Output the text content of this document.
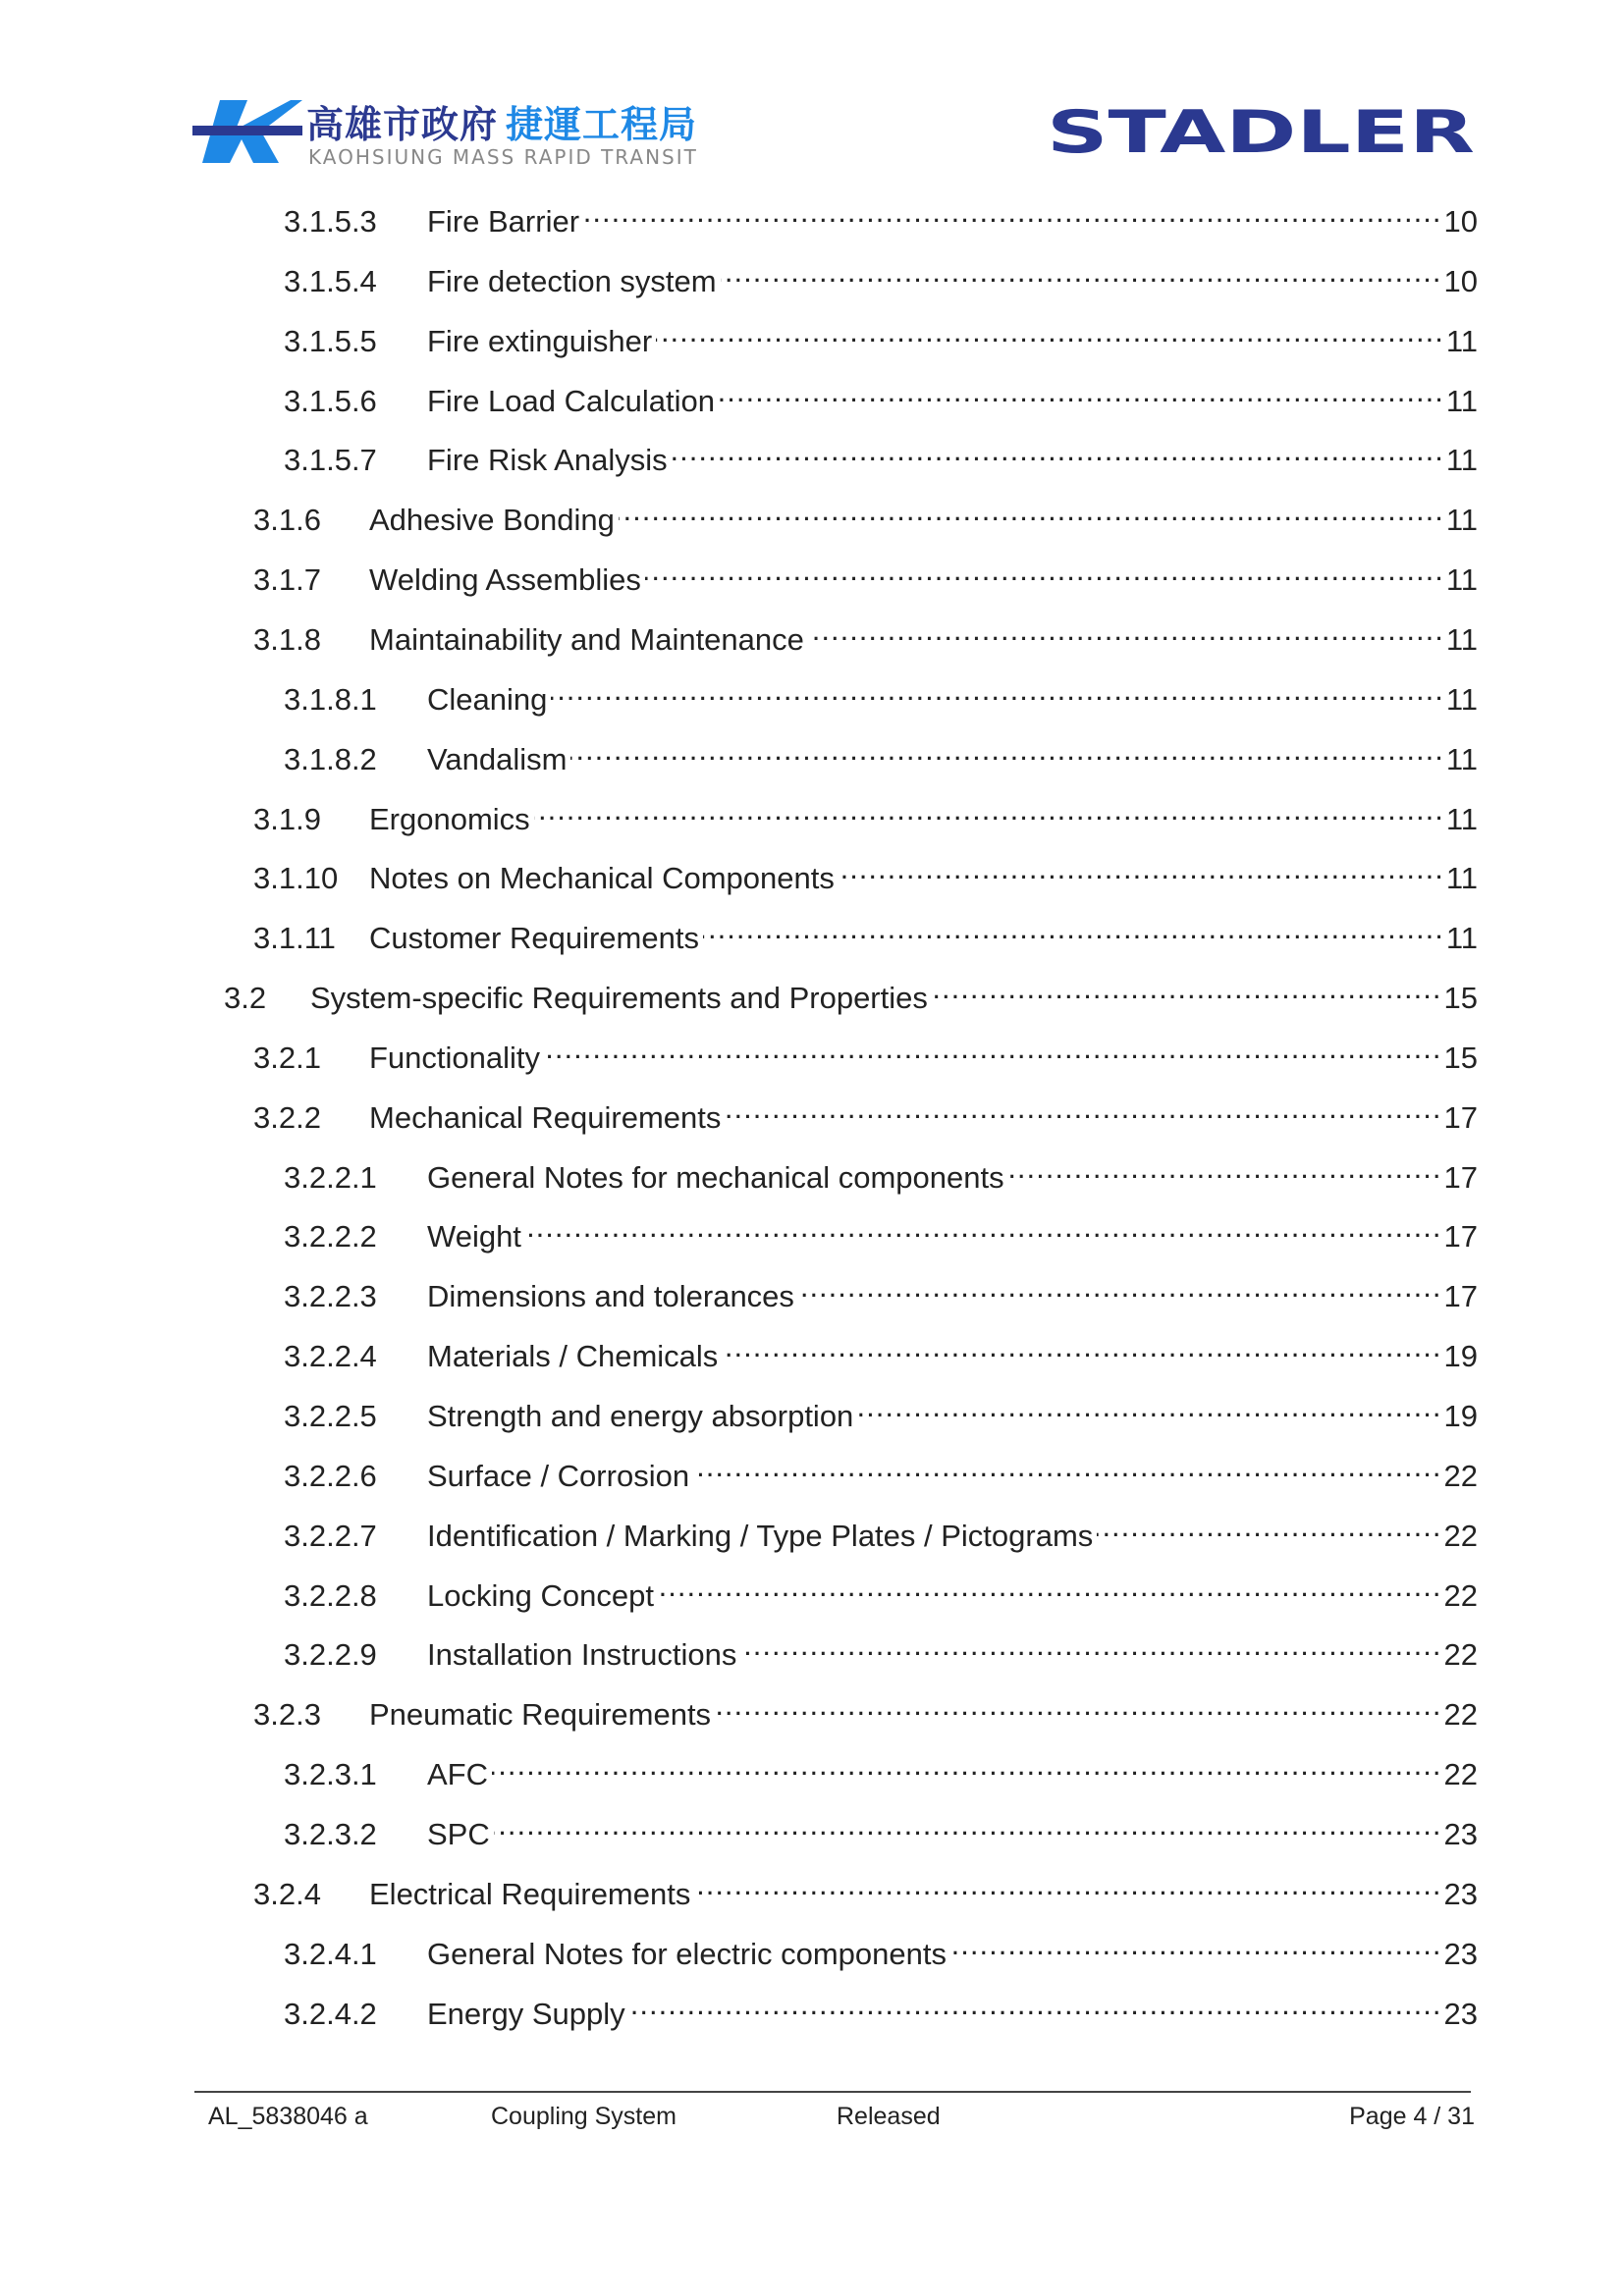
高雄市政府 捷運工程局
KAOHSIUNG MASS RAPID TRANSIT	STADLER
3.1.5.3	Fire Barrier .....	10
3.1.5.4	Fire detection system .....	10
3.1.5.5	Fire extinguisher .....	11
3.1.5.6	Fire Load Calculation .....	11
3.1.5.7	Fire Risk Analysis .....	11
3.1.6	Adhesive Bonding .....	11
3.1.7	Welding Assemblies .....	11
3.1.8	Maintainability and Maintenance .....	11
3.1.8.1	Cleaning .....	11
3.1.8.2	Vandalism .....	11
3.1.9	Ergonomics .....	11
3.1.10	Notes on Mechanical Components .....	11
3.1.11	Customer Requirements .....	11
3.2	System-specific Requirements and Properties .....	15
3.2.1	Functionality .....	15
3.2.2	Mechanical Requirements .....	17
3.2.2.1	General Notes for mechanical components .....	17
3.2.2.2	Weight .....	17
3.2.2.3	Dimensions and tolerances .....	17
3.2.2.4	Materials / Chemicals .....	19
3.2.2.5	Strength and energy absorption .....	19
3.2.2.6	Surface / Corrosion .....	22
3.2.2.7	Identification / Marking / Type Plates / Pictograms .....	22
3.2.2.8	Locking Concept .....	22
3.2.2.9	Installation Instructions .....	22
3.2.3	Pneumatic Requirements .....	22
3.2.3.1	AFC .....	22
3.2.3.2	SPC .....	23
3.2.4	Electrical Requirements .....	23
3.2.4.1	General Notes for electric components .....	23
3.2.4.2	Energy Supply .....	23
AL_5838046 a	Coupling System	Released	Page 4 / 31
